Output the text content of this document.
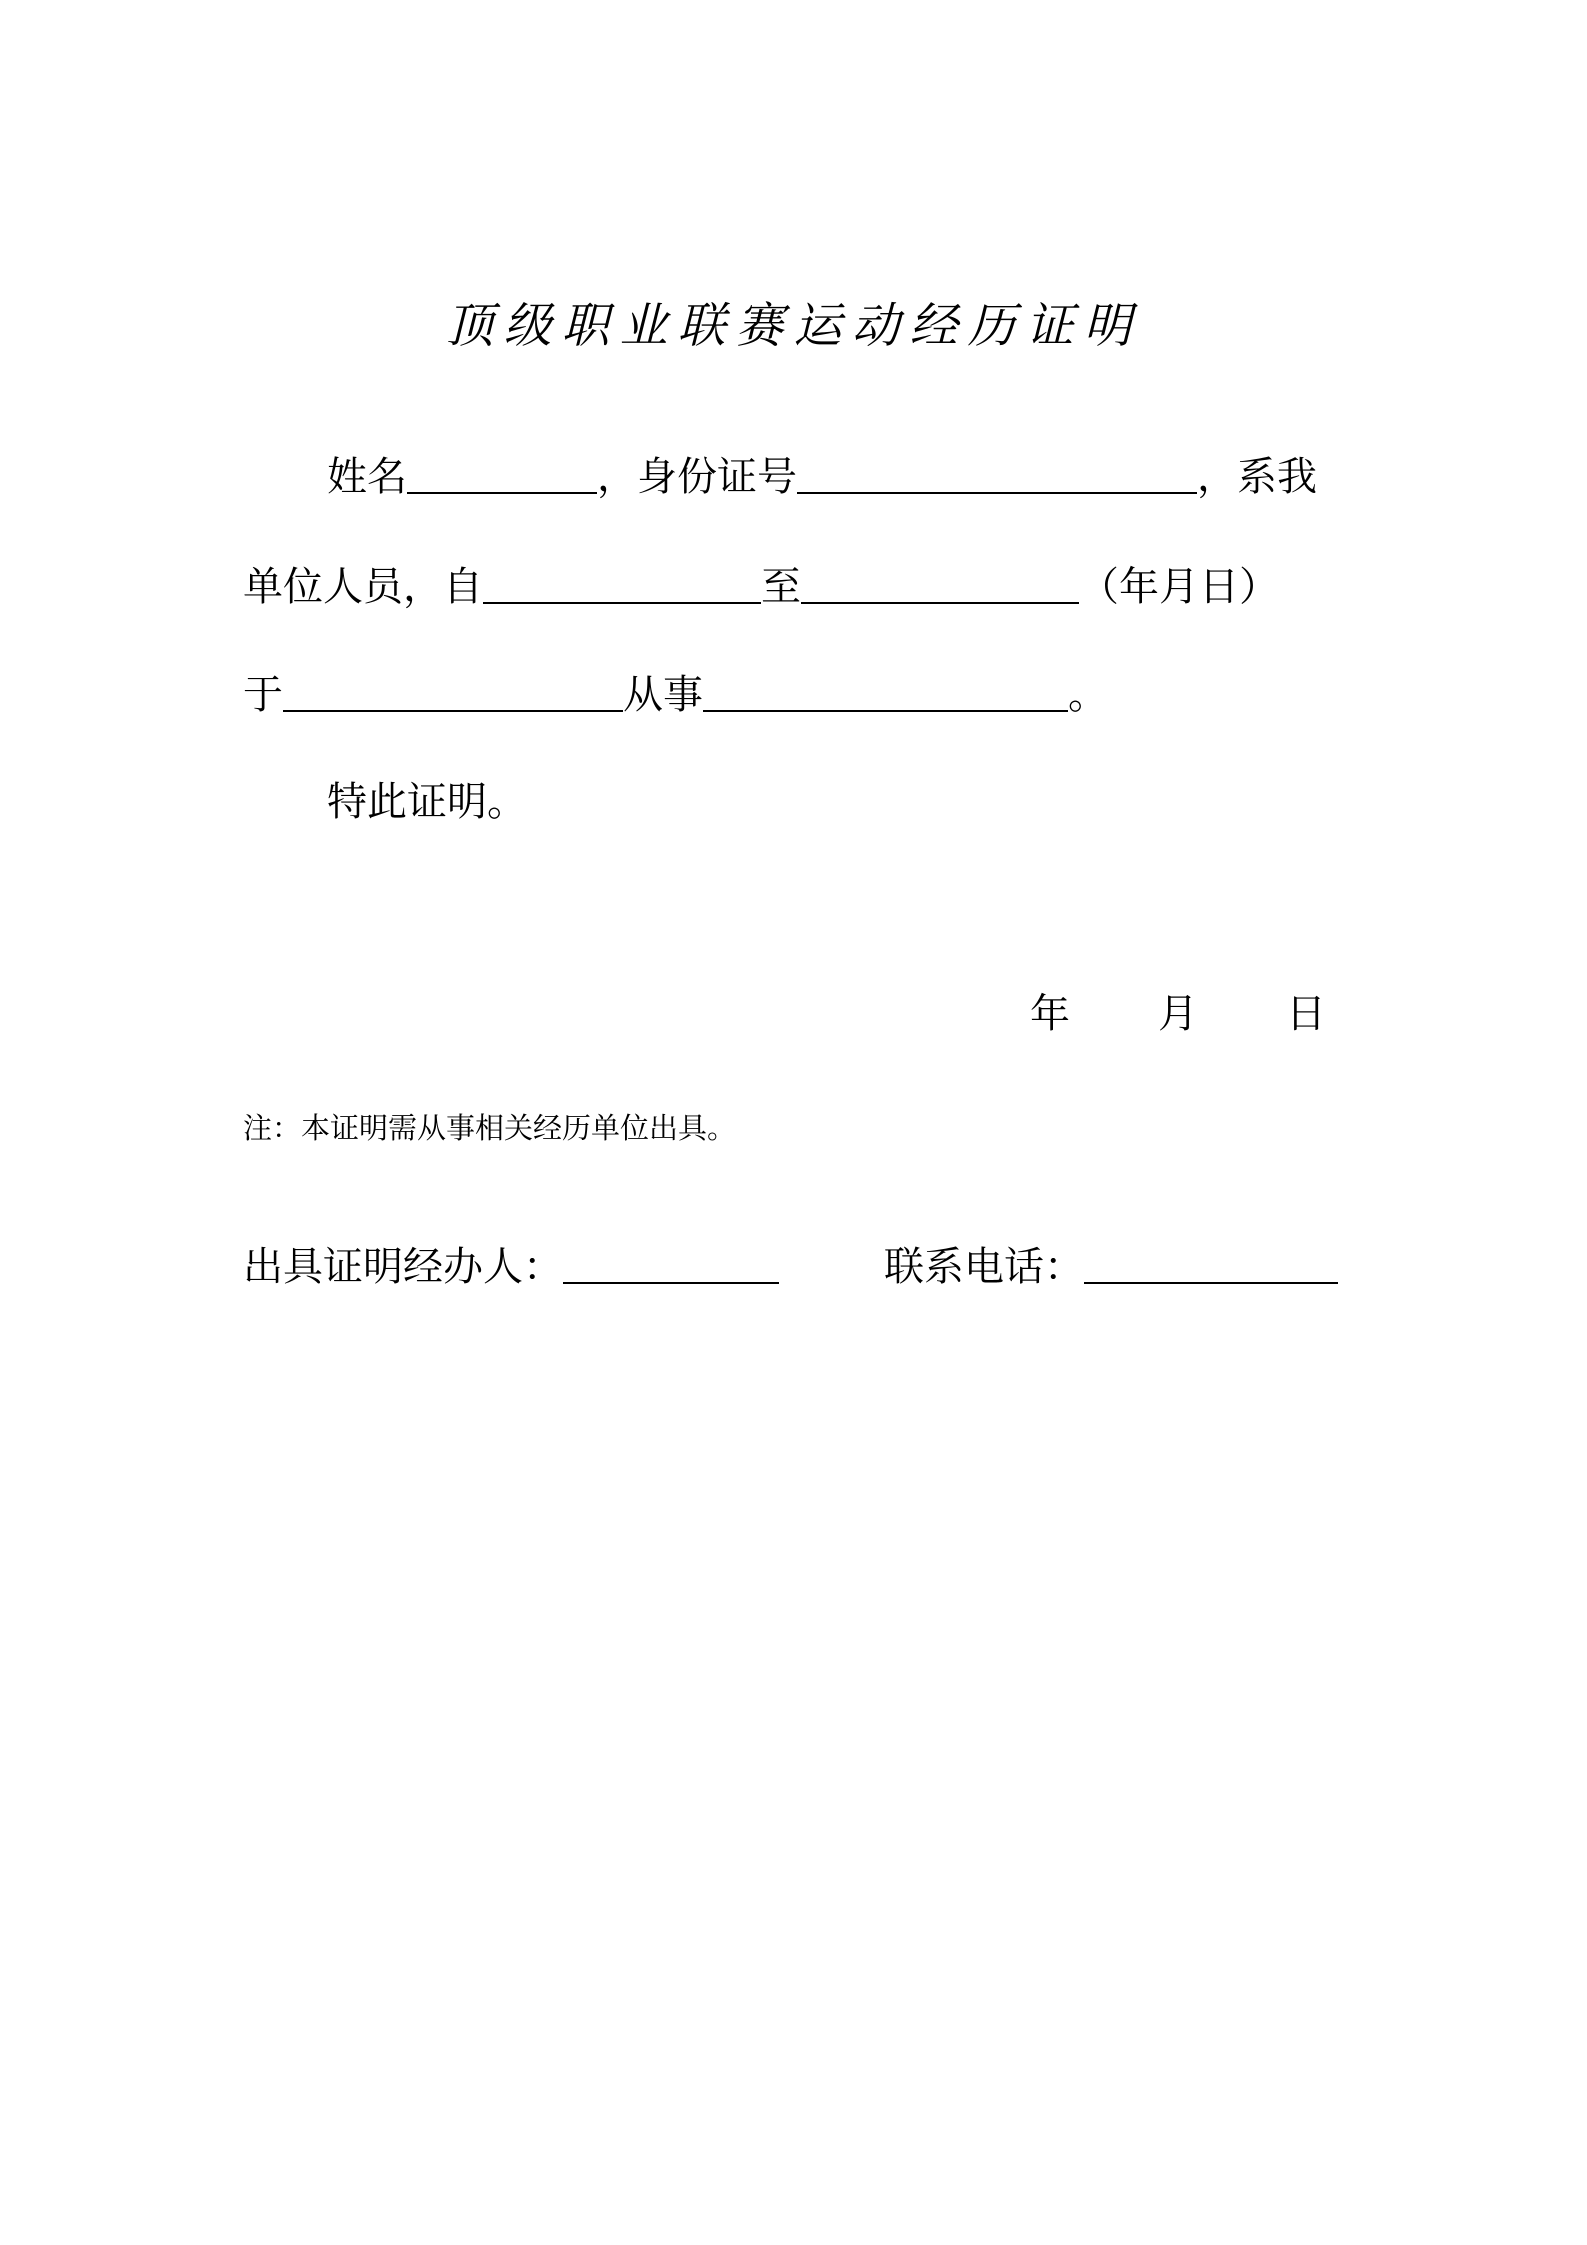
顶级职业联赛运动经历证明
姓名	，身份证号	，系我
单位人员，自	至	（年月日）
于	从事	。
特此证明。
年 月 日
注：本证明需从事相关经历单位出具。
出具证明经办人：	联系电话：
